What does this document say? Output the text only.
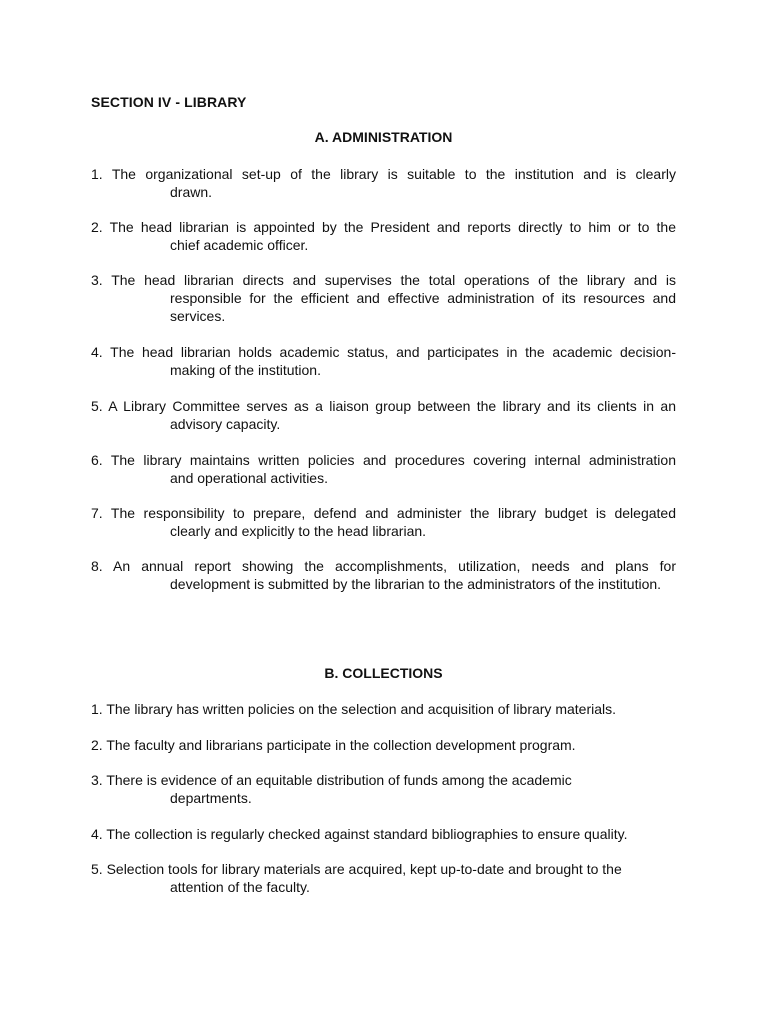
SECTION IV - LIBRARY
A. ADMINISTRATION
1. The organizational set-up of the library is suitable to the institution and is clearly
drawn.
2. The head librarian is appointed by the President and reports directly to him or to the
chief academic officer.
3. The head librarian directs and supervises the total operations of the library and is
responsible for the efficient and effective administration of its resources and services.
4. The head librarian holds academic status, and participates in the academic decision-
making of the institution.
5. A Library Committee serves as a liaison group between the library and its clients in an
advisory capacity.
6. The library maintains written policies and procedures covering internal administration
and operational activities.
7. The responsibility to prepare, defend and administer the library budget is delegated
clearly and explicitly to the head librarian.
8. An annual report showing the accomplishments, utilization, needs and plans for
development is submitted by the librarian to the administrators of the institution.
B. COLLECTIONS
1. The library has written policies on the selection and acquisition of library materials.
2. The faculty and librarians participate in the collection development program.
3. There is evidence of an equitable distribution of funds among the academic
departments.
4. The collection is regularly checked against standard bibliographies to ensure quality.
5. Selection tools for library materials are acquired, kept up-to-date and brought to the
attention of the faculty.
